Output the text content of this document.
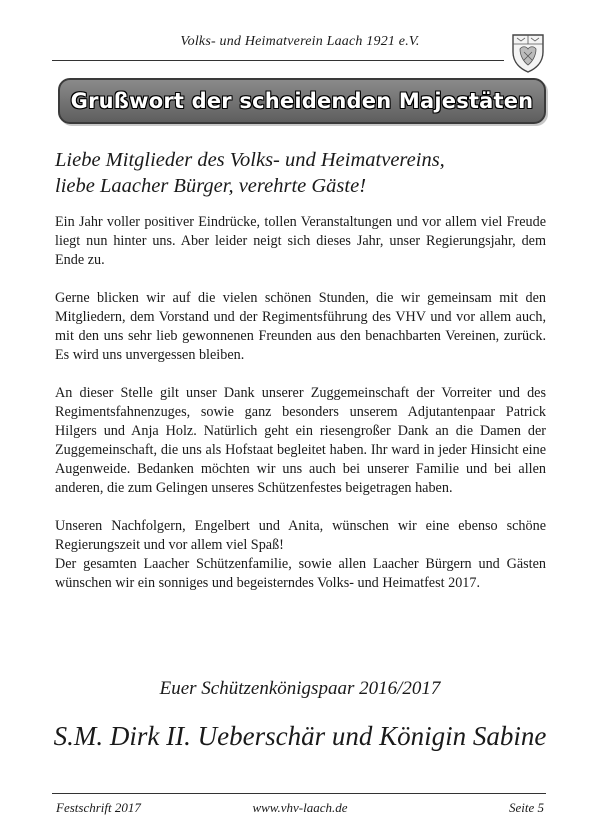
Volks- und Heimatverein Laach 1921 e.V.
Grußwort der scheidenden Majestäten
Liebe Mitglieder des Volks- und Heimatvereins,
liebe Laacher Bürger, verehrte Gäste!

Ein Jahr voller positiver Eindrücke, tollen Veranstaltungen und vor allem viel Freude liegt nun hinter uns. Aber leider neigt sich dieses Jahr, unser Regierungsjahr, dem Ende zu.

Gerne blicken wir auf die vielen schönen Stunden, die wir gemeinsam mit den Mitgliedern, dem Vorstand und der Regimentsführung des VHV und vor allem auch, mit den uns sehr lieb gewonnenen Freunden aus den benachbarten Vereinen, zurück. Es wird uns unvergessen bleiben.

An dieser Stelle gilt unser Dank unserer Zuggemeinschaft der Vorreiter und des Regimentsfahnenzuges, sowie ganz besonders unserem Adjutantenpaar Patrick Hilgers und Anja Holz. Natürlich geht ein riesengroßer Dank an die Damen der Zuggemeinschaft, die uns als Hofstaat begleitet haben. Ihr ward in jeder Hinsicht eine Augenweide. Bedanken möchten wir uns auch bei unserer Familie und bei allen anderen, die zum Gelingen unseres Schützenfestes beigetragen haben.

Unseren Nachfolgern, Engelbert und Anita, wünschen wir eine ebenso schöne Regierungszeit und vor allem viel Spaß!

Der gesamten Laacher Schützenfamilie, sowie allen Laacher Bürgern und Gästen wünschen wir ein sonniges und begeisterndes Volks- und Heimatfest 2017.

Euer Schützenkönigspaar 2016/2017
S.M. Dirk II. Ueberschär und Königin Sabine
Festschrift 2017	www.vhv-laach.de	Seite 5
